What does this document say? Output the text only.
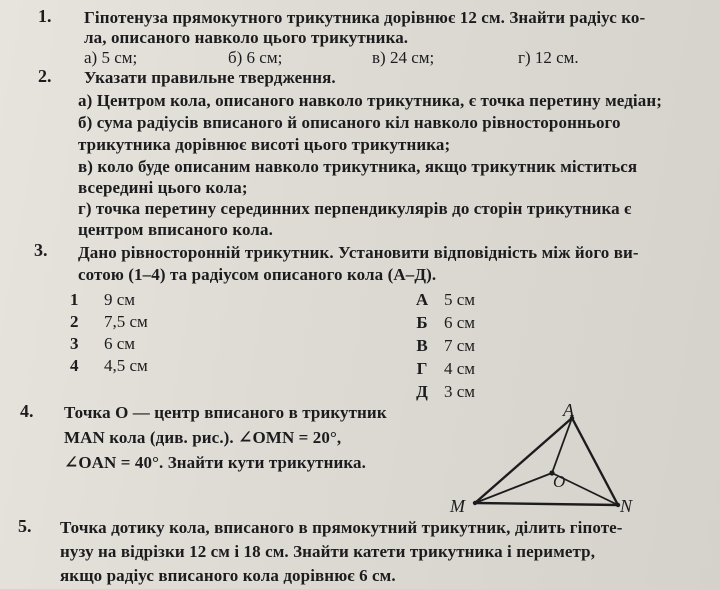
1. Гіпотенуза прямокутного трикутника дорівнює 12 см. Знайти радіус ко-
ла, описаного навколо цього трикутника.
а) 5 см;	б) 6 см;	в) 24 см;	г) 12 см.
2. Указати правильне твердження.
а) Центром кола, описаного навколо трикутника, є точка перетину медіан;
б) сума радіусів вписаного й описаного кіл навколо рівностороннього
трикутника дорівнює висоті цього трикутника;
в) коло буде описаним навколо трикутника, якщо трикутник міститься
всередині цього кола;
г) точка перетину серединних перпендикулярів до сторін трикутника є
центром вписаного кола.
3. Дано рівносторонній трикутник. Установити відповідність між його ви-
сотою (1–4) та радіусом описаного кола (А–Д).
1 9 см
2 7,5 см
3 6 см
4 4,5 см
А 5 см
Б 6 см
В 7 см
Г 4 см
Д 3 см
4. Точка O — центр вписаного в трикутник
MAN кола (див. рис.). ∠OMN = 20°,
∠OAN = 40°. Знайти кути трикутника.
A
O
M	N
5. Точка дотику кола, вписаного в прямокутний трикутник, ділить гіпоте-
нузу на відрізки 12 см і 18 см. Знайти катети трикутника і периметр,
якщо радіус вписаного кола дорівнює 6 см.
